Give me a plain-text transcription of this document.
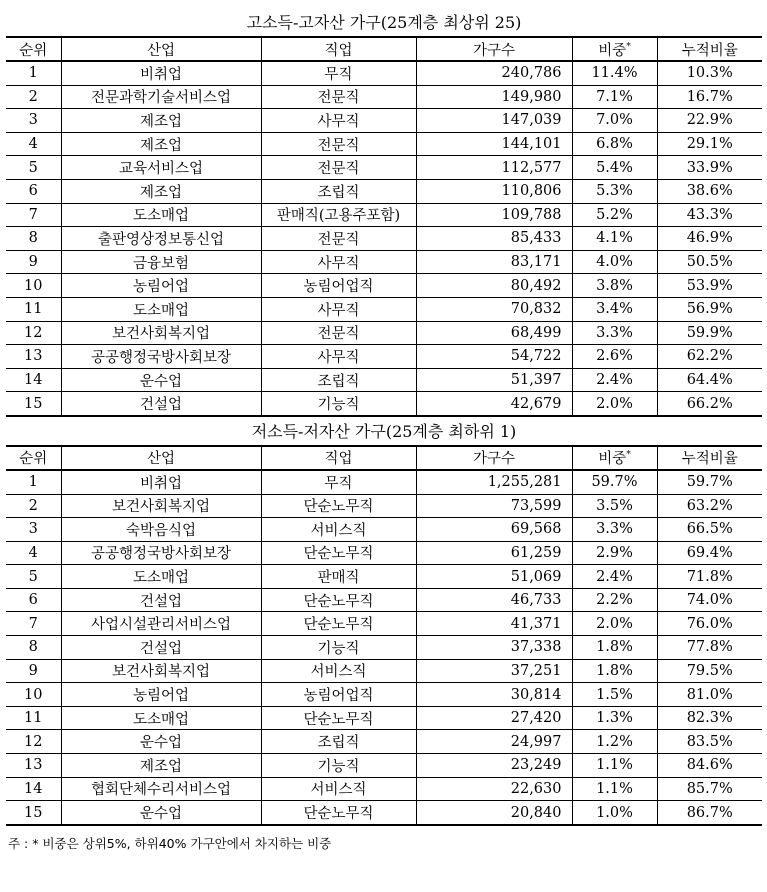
고소득-고자산 가구(25계층 최상위 25)
순위	산업	직업	가구수	비중*	누적비율
1	비취업	무직	240,786	11.4%	10.3%
2	전문과학기술서비스업	전문직	149,980	7.1%	16.7%
3	제조업	사무직	147,039	7.0%	22.9%
4	제조업	전문직	144,101	6.8%	29.1%
5	교육서비스업	전문직	112,577	5.4%	33.9%
6	제조업	조립직	110,806	5.3%	38.6%
7	도소매업	판매직(고용주포함)	109,788	5.2%	43.3%
8	출판영상정보통신업	전문직	85,433	4.1%	46.9%
9	금융보험	사무직	83,171	4.0%	50.5%
10	농림어업	농림어업직	80,492	3.8%	53.9%
11	도소매업	사무직	70,832	3.4%	56.9%
12	보건사회복지업	전문직	68,499	3.3%	59.9%
13	공공행정국방사회보장	사무직	54,722	2.6%	62.2%
14	운수업	조립직	51,397	2.4%	64.4%
15	건설업	기능직	42,679	2.0%	66.2%
저소득-저자산 가구(25계층 최하위 1)
순위	산업	직업	가구수	비중*	누적비율
1	비취업	무직	1,255,281	59.7%	59.7%
2	보건사회복지업	단순노무직	73,599	3.5%	63.2%
3	숙박음식업	서비스직	69,568	3.3%	66.5%
4	공공행정국방사회보장	단순노무직	61,259	2.9%	69.4%
5	도소매업	판매직	51,069	2.4%	71.8%
6	건설업	단순노무직	46,733	2.2%	74.0%
7	사업시설관리서비스업	단순노무직	41,371	2.0%	76.0%
8	건설업	기능직	37,338	1.8%	77.8%
9	보건사회복지업	서비스직	37,251	1.8%	79.5%
10	농림어업	농림어업직	30,814	1.5%	81.0%
11	도소매업	단순노무직	27,420	1.3%	82.3%
12	운수업	조립직	24,997	1.2%	83.5%
13	제조업	기능직	23,249	1.1%	84.6%
14	협회단체수리서비스업	서비스직	22,630	1.1%	85.7%
15	운수업	단순노무직	20,840	1.0%	86.7%
주 : * 비중은 상위5%, 하위40% 가구안에서 차지하는 비중
